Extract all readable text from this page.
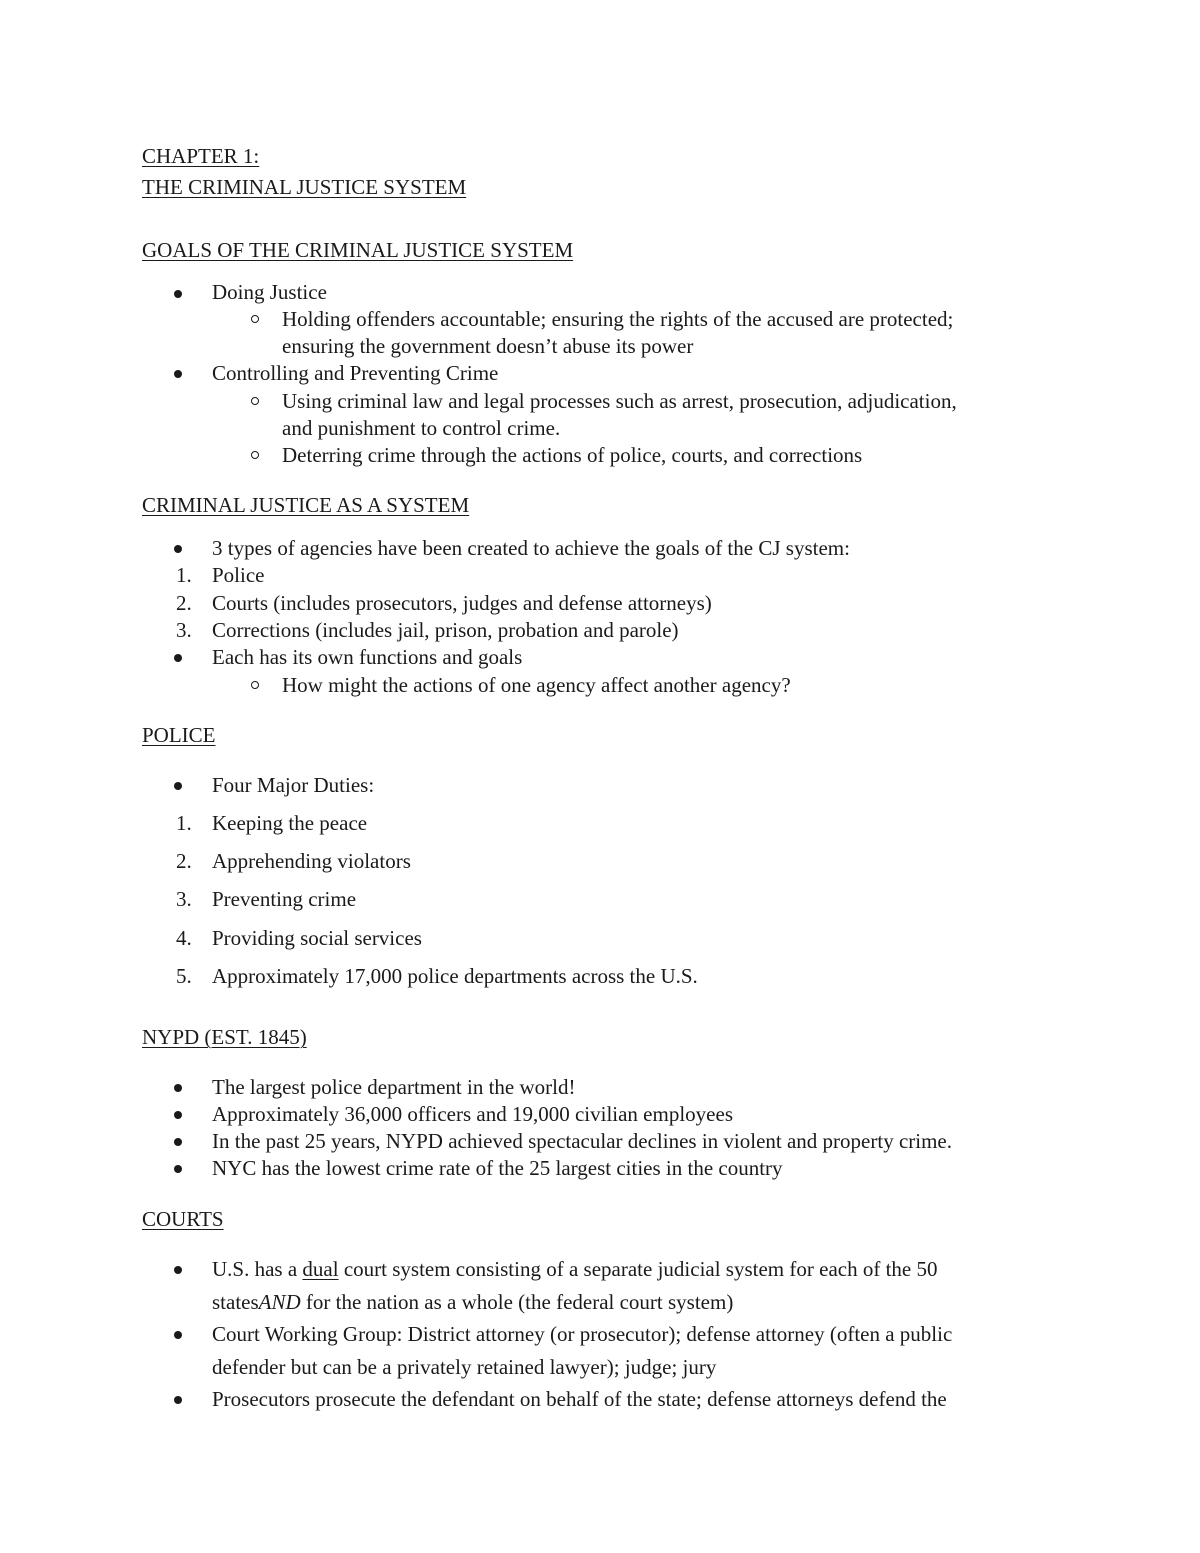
CHAPTER 1:
THE CRIMINAL JUSTICE SYSTEM
GOALS OF THE CRIMINAL JUSTICE SYSTEM
Doing Justice
Holding offenders accountable; ensuring the rights of the accused are protected;
ensuring the government doesn’t abuse its power
Controlling and Preventing Crime
Using criminal law and legal processes such as arrest, prosecution, adjudication,
and punishment to control crime.
Deterring crime through the actions of police, courts, and corrections
CRIMINAL JUSTICE AS A SYSTEM
3 types of agencies have been created to achieve the goals of the CJ system:
1. Police
2. Courts (includes prosecutors, judges and defense attorneys)
3. Corrections (includes jail, prison, probation and parole)
Each has its own functions and goals
How might the actions of one agency affect another agency?
POLICE
Four Major Duties:
1. Keeping the peace
2. Apprehending violators
3. Preventing crime
4. Providing social services
5. Approximately 17,000 police departments across the U.S.
NYPD (EST. 1845)
The largest police department in the world!
Approximately 36,000 officers and 19,000 civilian employees
In the past 25 years, NYPD achieved spectacular declines in violent and property crime.
NYC has the lowest crime rate of the 25 largest cities in the country
COURTS
U.S. has a dual court system consisting of a separate judicial system for each of the 50
statesAND for the nation as a whole (the federal court system)
Court Working Group: District attorney (or prosecutor); defense attorney (often a public
defender but can be a privately retained lawyer); judge; jury
Prosecutors prosecute the defendant on behalf of the state; defense attorneys defend the
